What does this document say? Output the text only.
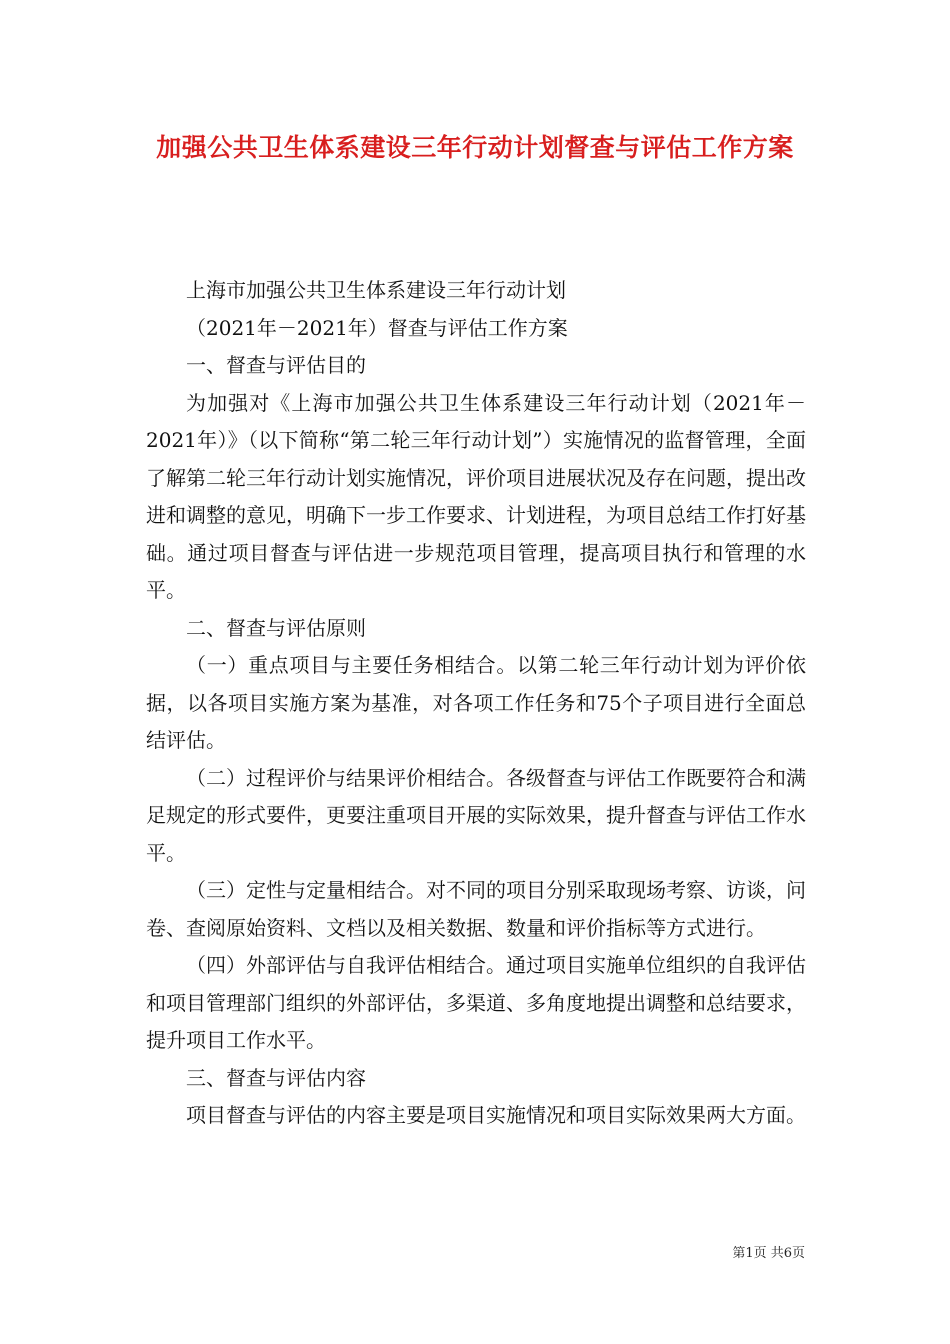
加强公共卫生体系建设三年行动计划督查与评估工作方案

上海市加强公共卫生体系建设三年行动计划

（2021年－2021年）督查与评估工作方案

一、督查与评估目的

为加强对《上海市加强公共卫生体系建设三年行动计划（2021年－2021年）》（以下简称“第二轮三年行动计划”）实施情况的监督管理，全面了解第二轮三年行动计划实施情况，评价项目进展状况及存在问题，提出改进和调整的意见，明确下一步工作要求、计划进程，为项目总结工作打好基础。通过项目督查与评估进一步规范项目管理，提高项目执行和管理的水平。

二、督查与评估原则

（一）重点项目与主要任务相结合。以第二轮三年行动计划为评价依据，以各项目实施方案为基准，对各项工作任务和75个子项目进行全面总结评估。

（二）过程评价与结果评价相结合。各级督查与评估工作既要符合和满足规定的形式要件，更要注重项目开展的实际效果，提升督查与评估工作水平。

（三）定性与定量相结合。对不同的项目分别采取现场考察、访谈，问卷、查阅原始资料、文档以及相关数据、数量和评价指标等方式进行。

（四）外部评估与自我评估相结合。通过项目实施单位组织的自我评估和项目管理部门组织的外部评估，多渠道、多角度地提出调整和总结要求，提升项目工作水平。

三、督查与评估内容

项目督查与评估的内容主要是项目实施情况和项目实际效果两大方面。

第1页 共6页
